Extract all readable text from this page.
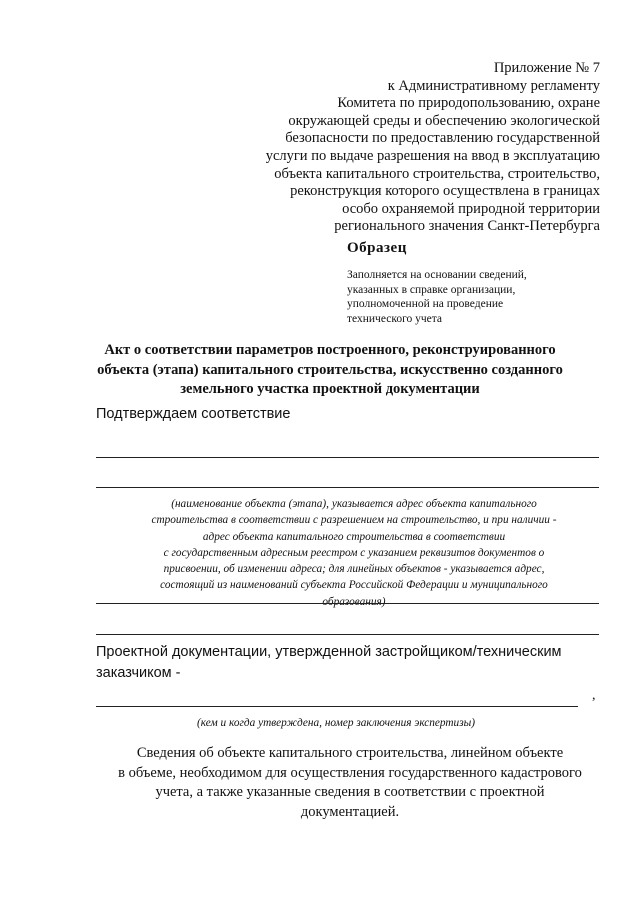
Приложение № 7
к Административному регламенту
Комитета по природопользованию, охране
окружающей среды и обеспечению экологической
безопасности по предоставлению государственной
услуги по выдаче разрешения на ввод в эксплуатацию
объекта капитального строительства, строительство,
реконструкция которого осуществлена в границах
особо охраняемой природной территории
регионального значения Санкт-Петербурга
Образец
Заполняется на основании сведений,
указанных в справке организации,
уполномоченной на проведение
технического учета
Акт о соответствии параметров построенного, реконструированного
объекта (этапа) капитального строительства, искусственно созданного
земельного участка проектной документации
Подтверждаем соответствие
(наименование объекта (этапа), указывается адрес объекта капитального
строительства в соответствии с разрешением на строительство, и при наличии -
адрес объекта капитального строительства в соответствии
с государственным адресным реестром с указанием реквизитов документов о
присвоении, об изменении адреса; для линейных объектов - указывается адрес,
состоящий из наименований субъекта Российской Федерации и муниципального
образования)
Проектной документации, утвержденной застройщиком/техническим
заказчиком -
,
(кем и когда утверждена, номер заключения экспертизы)
Сведения об объекте капитального строительства, линейном объекте
в объеме, необходимом для осуществления государственного кадастрового
учета, а также указанные сведения в соответствии с проектной
документацией.
